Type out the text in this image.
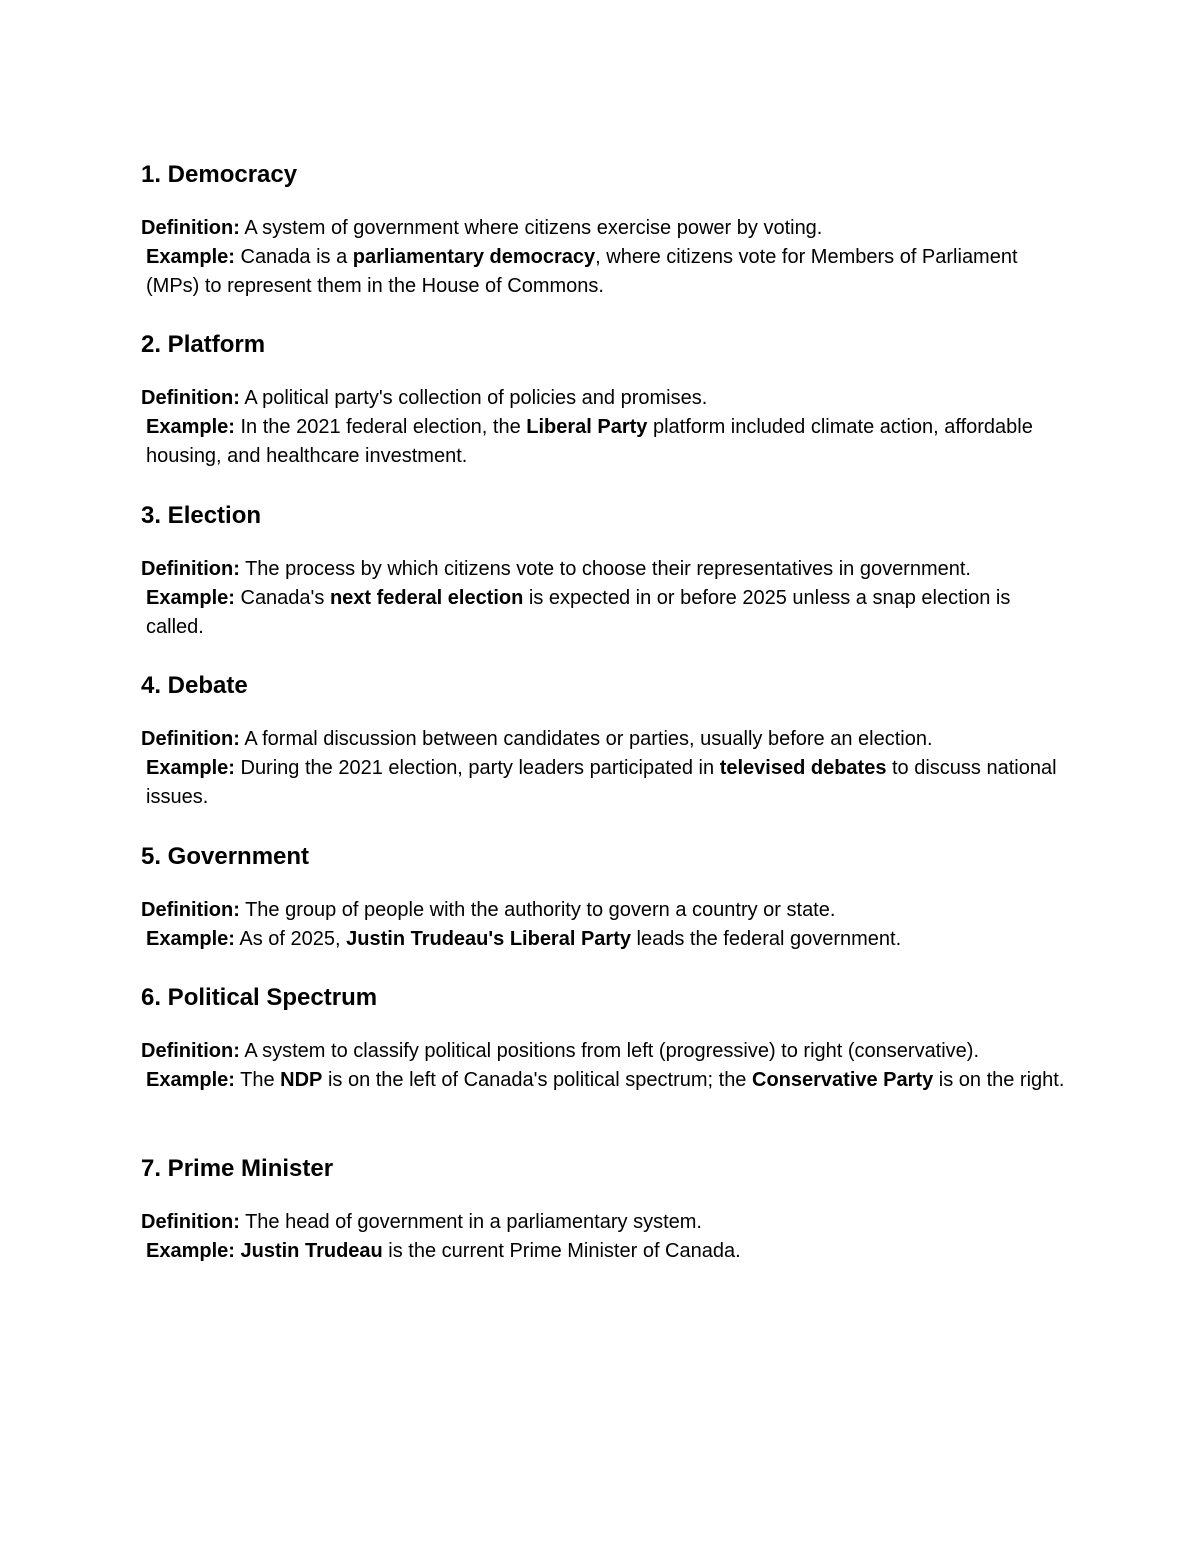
1. Democracy

Definition: A system of government where citizens exercise power by voting.

Example: Canada is a parliamentary democracy, where citizens vote for Members of Parliament (MPs) to represent them in the House of Commons.

2. Platform

Definition: A political party's collection of policies and promises.

Example: In the 2021 federal election, the Liberal Party platform included climate action, affordable housing, and healthcare investment.

3. Election

Definition: The process by which citizens vote to choose their representatives in government.

Example: Canada's next federal election is expected in or before 2025 unless a snap election is called.

4. Debate

Definition: A formal discussion between candidates or parties, usually before an election.

Example: During the 2021 election, party leaders participated in televised debates to discuss national issues.

5. Government

Definition: The group of people with the authority to govern a country or state.

Example: As of 2025, Justin Trudeau's Liberal Party leads the federal government.

6. Political Spectrum

Definition: A system to classify political positions from left (progressive) to right (conservative).

Example: The NDP is on the left of Canada's political spectrum; the Conservative Party is on the right.

7. Prime Minister

Definition: The head of government in a parliamentary system.

Example: Justin Trudeau is the current Prime Minister of Canada.
